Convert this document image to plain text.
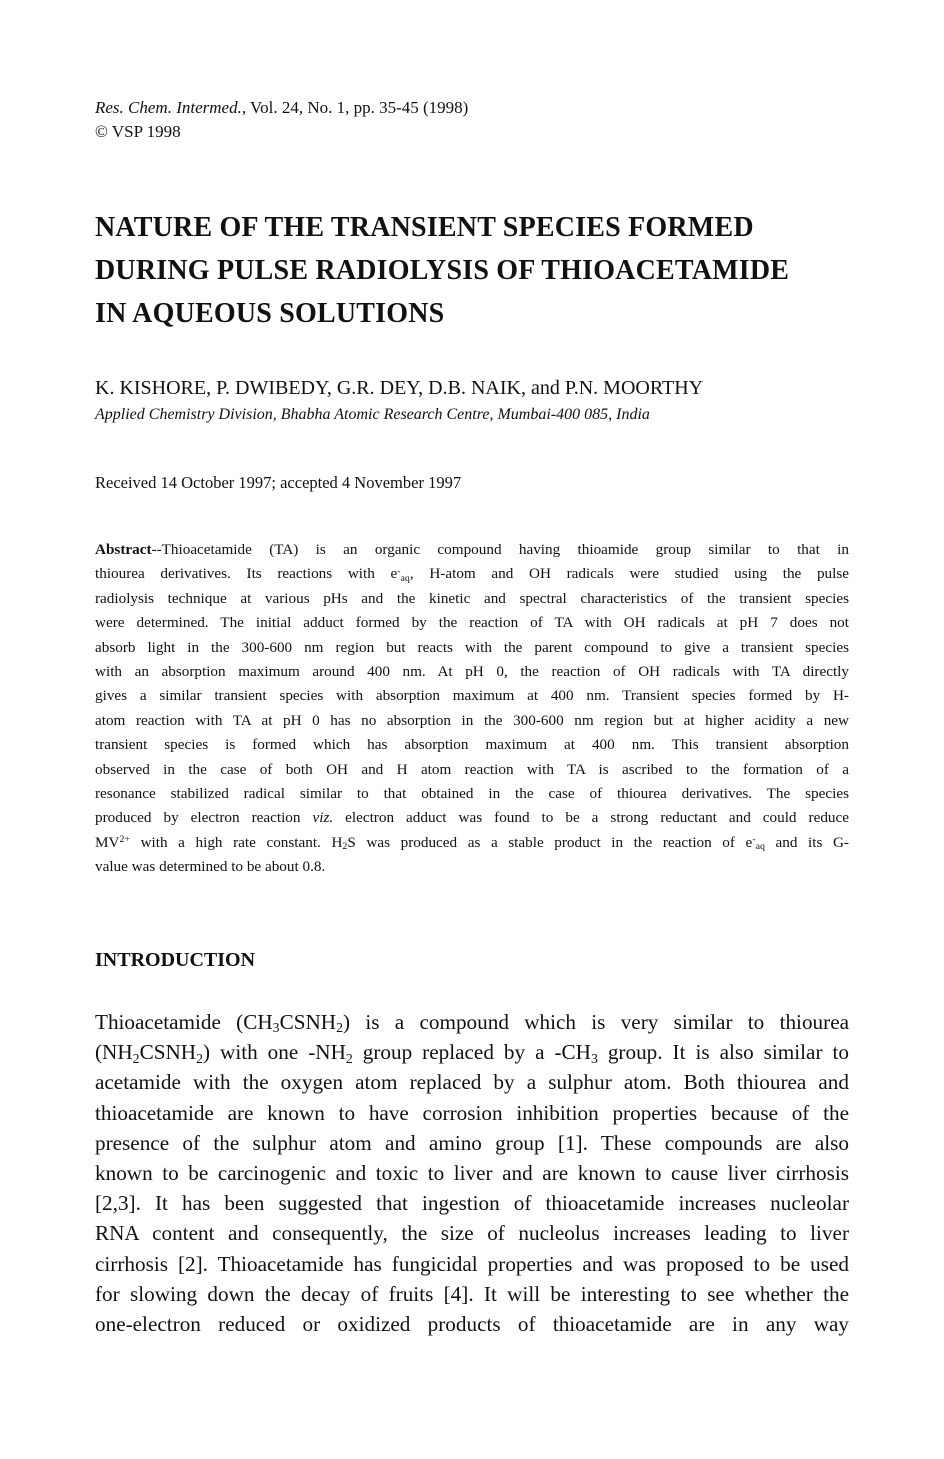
Res. Chem. Intermed., Vol. 24, No. 1, pp. 35-45 (1998)
© VSP 1998
NATURE OF THE TRANSIENT SPECIES FORMED
DURING PULSE RADIOLYSIS OF THIOACETAMIDE
IN AQUEOUS SOLUTIONS
K. KISHORE, P. DWIBEDY, G.R. DEY, D.B. NAIK, and P.N. MOORTHY
Applied Chemistry Division, Bhabha Atomic Research Centre, Mumbai-400 085, India
Received 14 October 1997; accepted 4 November 1997

Abstract--Thioacetamide (TA) is an organic compound having thioamide group similar to that in
thiourea derivatives. Its reactions with $e^-_{aq}$, H-atom and OH radicals were studied using the pulse
radiolysis technique at various pHs and the kinetic and spectral characteristics of the transient species
were determined. The initial adduct formed by the reaction of TA with OH radicals at pH 7 does not
absorb light in the 300-600 nm region but reacts with the parent compound to give a transient species
with an absorption maximum around 400 nm. At pH 0, the reaction of OH radicals with TA directly
gives a similar transient species with absorption maximum at 400 nm. Transient species formed by H-
atom reaction with TA at pH 0 has no absorption in the 300-600 nm region but at higher acidity a new
transient species is formed which has absorption maximum at 400 nm. This transient absorption
observed in the case of both OH and H atom reaction with TA is ascribed to the formation of a
resonance stabilized radical similar to that obtained in the case of thiourea derivatives. The species
produced by electron reaction viz. electron adduct was found to be a strong reductant and could reduce
$MV^{2+}$ with a high rate constant. $H_2S$ was produced as a stable product in the reaction of $e^-_{aq}$ and its G-
value was determined to be about 0.8.

INTRODUCTION

Thioacetamide $(CH_3CSNH_2)$ is a compound which is very similar to thiourea
$(NH_2CSNH_2)$ with one $-NH_2$ group replaced by a $-CH_3$ group. It is also similar to
acetamide with the oxygen atom replaced by a sulphur atom. Both thiourea and
thioacetamide are known to have corrosion inhibition properties because of the
presence of the sulphur atom and amino group [1]. These compounds are also
known to be carcinogenic and toxic to liver and are known to cause liver cirrhosis
[2,3]. It has been suggested that ingestion of thioacetamide increases nucleolar
RNA content and consequently, the size of nucleolus increases leading to liver
cirrhosis [2]. Thioacetamide has fungicidal properties and was proposed to be used
for slowing down the decay of fruits [4]. It will be interesting to see whether the
one-electron reduced or oxidized products of thioacetamide are in any way
